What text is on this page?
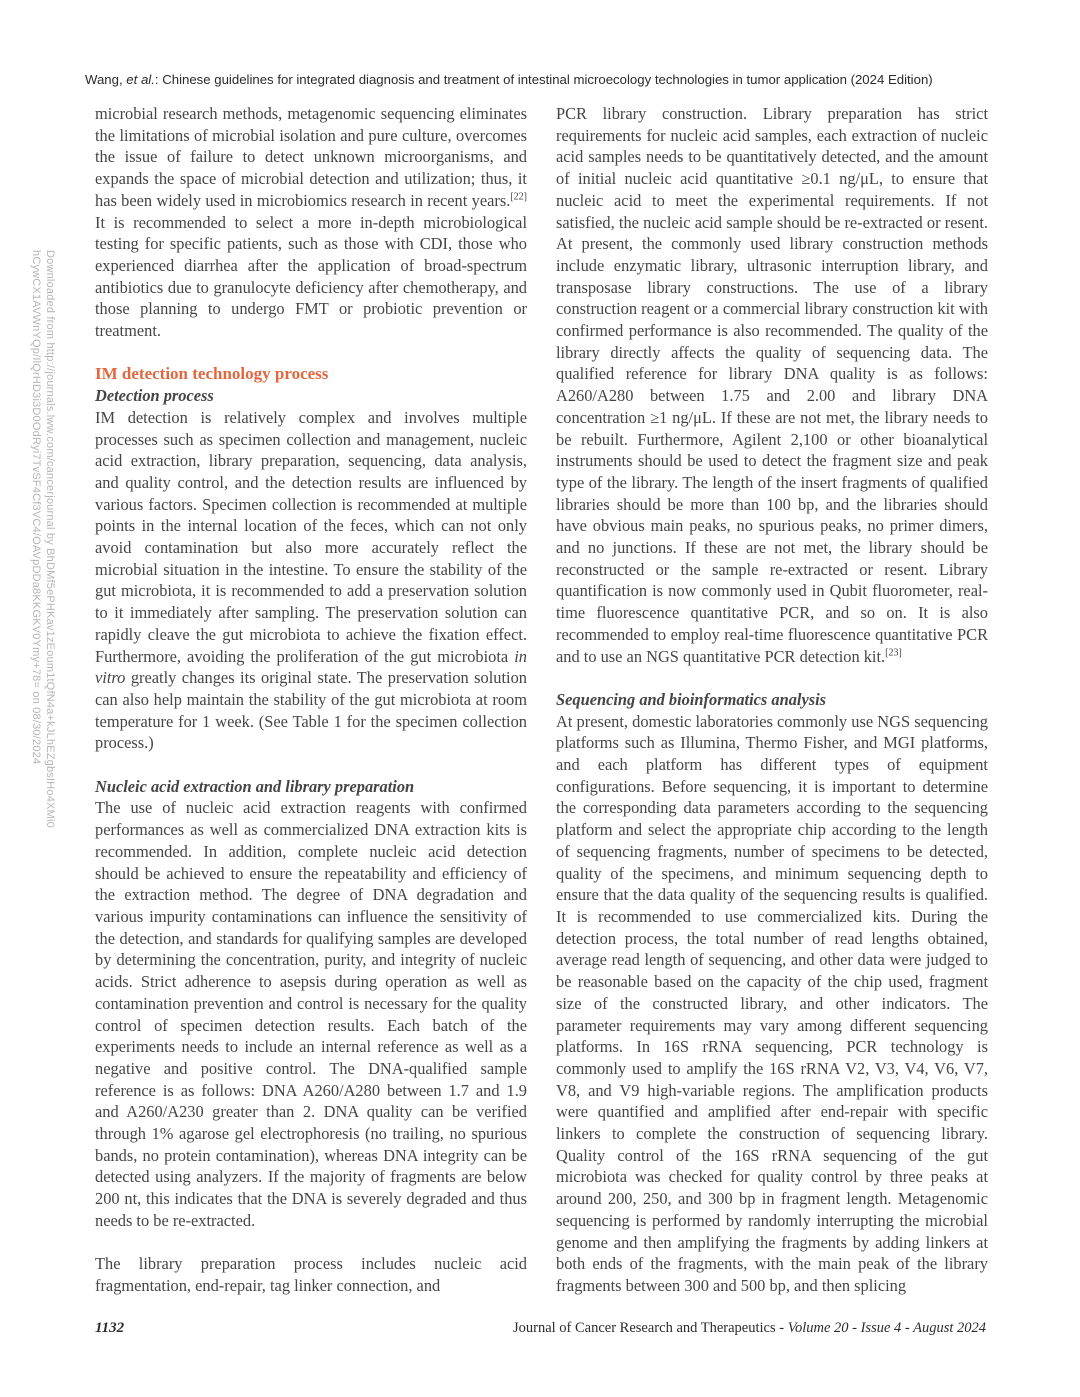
Downloaded from http://journals.lww.com/cancerjournal by BhDMf5ePHKav1zEoum1tQfN4a+kJLhEZgbsIHo4XMi0
hCywCX1AVWnYQp/IlQrHD3i3D0OdRyi7TvSF4Cf3VC4/OAVpDDa8KKGKV0Ymy+78= on 08/30/2024
Wang, et al.: Chinese guidelines for integrated diagnosis and treatment of intestinal microecology technologies in tumor application (2024 Edition)

microbial research methods, metagenomic sequencing eliminates the limitations of microbial isolation and pure culture, overcomes the issue of failure to detect unknown microorganisms, and expands the space of microbial detection and utilization; thus, it has been widely used in microbiomics research in recent years.[22] It is recommended to select a more in-depth microbiological testing for specific patients, such as those with CDI, those who experienced diarrhea after the application of broad-spectrum antibiotics due to granulocyte deficiency after chemotherapy, and those planning to undergo FMT or probiotic prevention or treatment.

IM detection technology process
Detection process

IM detection is relatively complex and involves multiple processes such as specimen collection and management, nucleic acid extraction, library preparation, sequencing, data analysis, and quality control, and the detection results are influenced by various factors. Specimen collection is recommended at multiple points in the internal location of the feces, which can not only avoid contamination but also more accurately reflect the microbial situation in the intestine. To ensure the stability of the gut microbiota, it is recommended to add a preservation solution to it immediately after sampling. The preservation solution can rapidly cleave the gut microbiota to achieve the fixation effect. Furthermore, avoiding the proliferation of the gut microbiota in vitro greatly changes its original state. The preservation solution can also help maintain the stability of the gut microbiota at room temperature for 1 week. (See Table 1 for the specimen collection process.)

Nucleic acid extraction and library preparation

The use of nucleic acid extraction reagents with confirmed performances as well as commercialized DNA extraction kits is recommended. In addition, complete nucleic acid detection should be achieved to ensure the repeatability and efficiency of the extraction method. The degree of DNA degradation and various impurity contaminations can influence the sensitivity of the detection, and standards for qualifying samples are developed by determining the concentration, purity, and integrity of nucleic acids. Strict adherence to asepsis during operation as well as contamination prevention and control is necessary for the quality control of specimen detection results. Each batch of the experiments needs to include an internal reference as well as a negative and positive control. The DNA-qualified sample reference is as follows: DNA A260/A280 between 1.7 and 1.9 and A260/A230 greater than 2. DNA quality can be verified through 1% agarose gel electrophoresis (no trailing, no spurious bands, no protein contamination), whereas DNA integrity can be detected using analyzers. If the majority of fragments are below 200 nt, this indicates that the DNA is severely degraded and thus needs to be re-extracted.

The library preparation process includes nucleic acid fragmentation, end-repair, tag linker connection, and

PCR library construction. Library preparation has strict requirements for nucleic acid samples, each extraction of nucleic acid samples needs to be quantitatively detected, and the amount of initial nucleic acid quantitative ≥0.1 ng/μL, to ensure that nucleic acid to meet the experimental requirements. If not satisfied, the nucleic acid sample should be re-extracted or resent. At present, the commonly used library construction methods include enzymatic library, ultrasonic interruption library, and transposase library constructions. The use of a library construction reagent or a commercial library construction kit with confirmed performance is also recommended. The quality of the library directly affects the quality of sequencing data. The qualified reference for library DNA quality is as follows: A260/A280 between 1.75 and 2.00 and library DNA concentration ≥1 ng/μL. If these are not met, the library needs to be rebuilt. Furthermore, Agilent 2,100 or other bioanalytical instruments should be used to detect the fragment size and peak type of the library. The length of the insert fragments of qualified libraries should be more than 100 bp, and the libraries should have obvious main peaks, no spurious peaks, no primer dimers, and no junctions. If these are not met, the library should be reconstructed or the sample re-extracted or resent. Library quantification is now commonly used in Qubit fluorometer, real-time fluorescence quantitative PCR, and so on. It is also recommended to employ real-time fluorescence quantitative PCR and to use an NGS quantitative PCR detection kit.[23]

Sequencing and bioinformatics analysis

At present, domestic laboratories commonly use NGS sequencing platforms such as Illumina, Thermo Fisher, and MGI platforms, and each platform has different types of equipment configurations. Before sequencing, it is important to determine the corresponding data parameters according to the sequencing platform and select the appropriate chip according to the length of sequencing fragments, number of specimens to be detected, quality of the specimens, and minimum sequencing depth to ensure that the data quality of the sequencing results is qualified. It is recommended to use commercialized kits. During the detection process, the total number of read lengths obtained, average read length of sequencing, and other data were judged to be reasonable based on the capacity of the chip used, fragment size of the constructed library, and other indicators. The parameter requirements may vary among different sequencing platforms. In 16S rRNA sequencing, PCR technology is commonly used to amplify the 16S rRNA V2, V3, V4, V6, V7, V8, and V9 high-variable regions. The amplification products were quantified and amplified after end-repair with specific linkers to complete the construction of sequencing library. Quality control of the 16S rRNA sequencing of the gut microbiota was checked for quality control by three peaks at around 200, 250, and 300 bp in fragment length. Metagenomic sequencing is performed by randomly interrupting the microbial genome and then amplifying the fragments by adding linkers at both ends of the fragments, with the main peak of the library fragments between 300 and 500 bp, and then splicing

1132	Journal of Cancer Research and Therapeutics - Volume 20 - Issue 4 - August 2024
